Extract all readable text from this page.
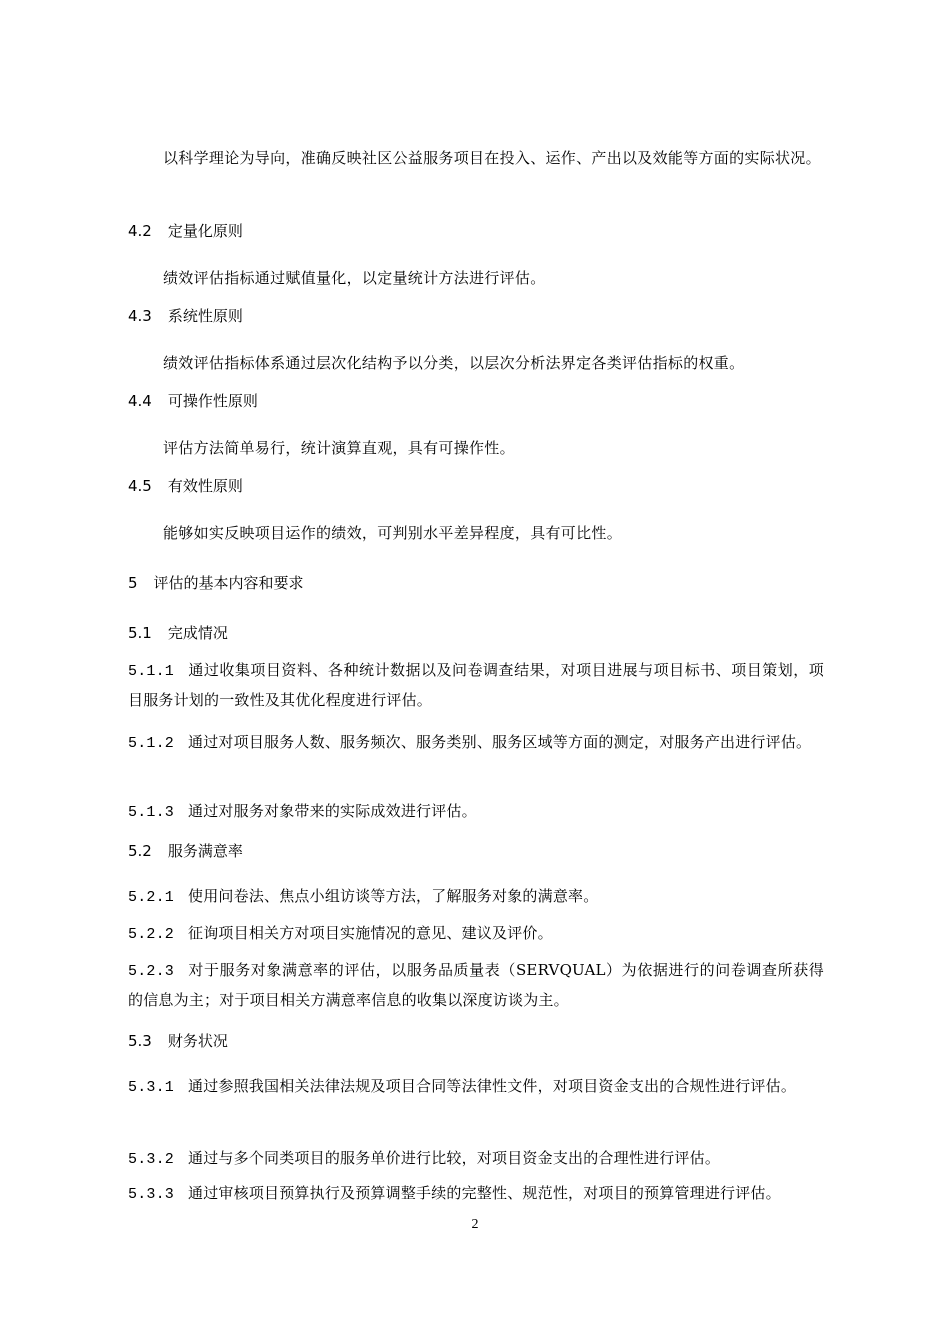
以科学理论为导向，准确反映社区公益服务项目在投入、运作、产出以及效能等方面的实际状况。
4.2 定量化原则
绩效评估指标通过赋值量化，以定量统计方法进行评估。
4.3 系统性原则
绩效评估指标体系通过层次化结构予以分类，以层次分析法界定各类评估指标的权重。
4.4 可操作性原则
评估方法简单易行，统计演算直观，具有可操作性。
4.5 有效性原则
能够如实反映项目运作的绩效，可判别水平差异程度，具有可比性。
5 评估的基本内容和要求
5.1 完成情况
5.1.1 通过收集项目资料、各种统计数据以及问卷调查结果，对项目进展与项目标书、项目策划，项目服务计划的一致性及其优化程度进行评估。
5.1.2 通过对项目服务人数、服务频次、服务类别、服务区域等方面的测定，对服务产出进行评估。
5.1.3 通过对服务对象带来的实际成效进行评估。
5.2 服务满意率
5.2.1 使用问卷法、焦点小组访谈等方法，了解服务对象的满意率。
5.2.2 征询项目相关方对项目实施情况的意见、建议及评价。
5.2.3 对于服务对象满意率的评估，以服务品质量表（SERVQUAL）为依据进行的问卷调查所获得的信息为主；对于项目相关方满意率信息的收集以深度访谈为主。
5.3 财务状况
5.3.1 通过参照我国相关法律法规及项目合同等法律性文件，对项目资金支出的合规性进行评估。
5.3.2 通过与多个同类项目的服务单价进行比较，对项目资金支出的合理性进行评估。
5.3.3 通过审核项目预算执行及预算调整手续的完整性、规范性，对项目的预算管理进行评估。
2
